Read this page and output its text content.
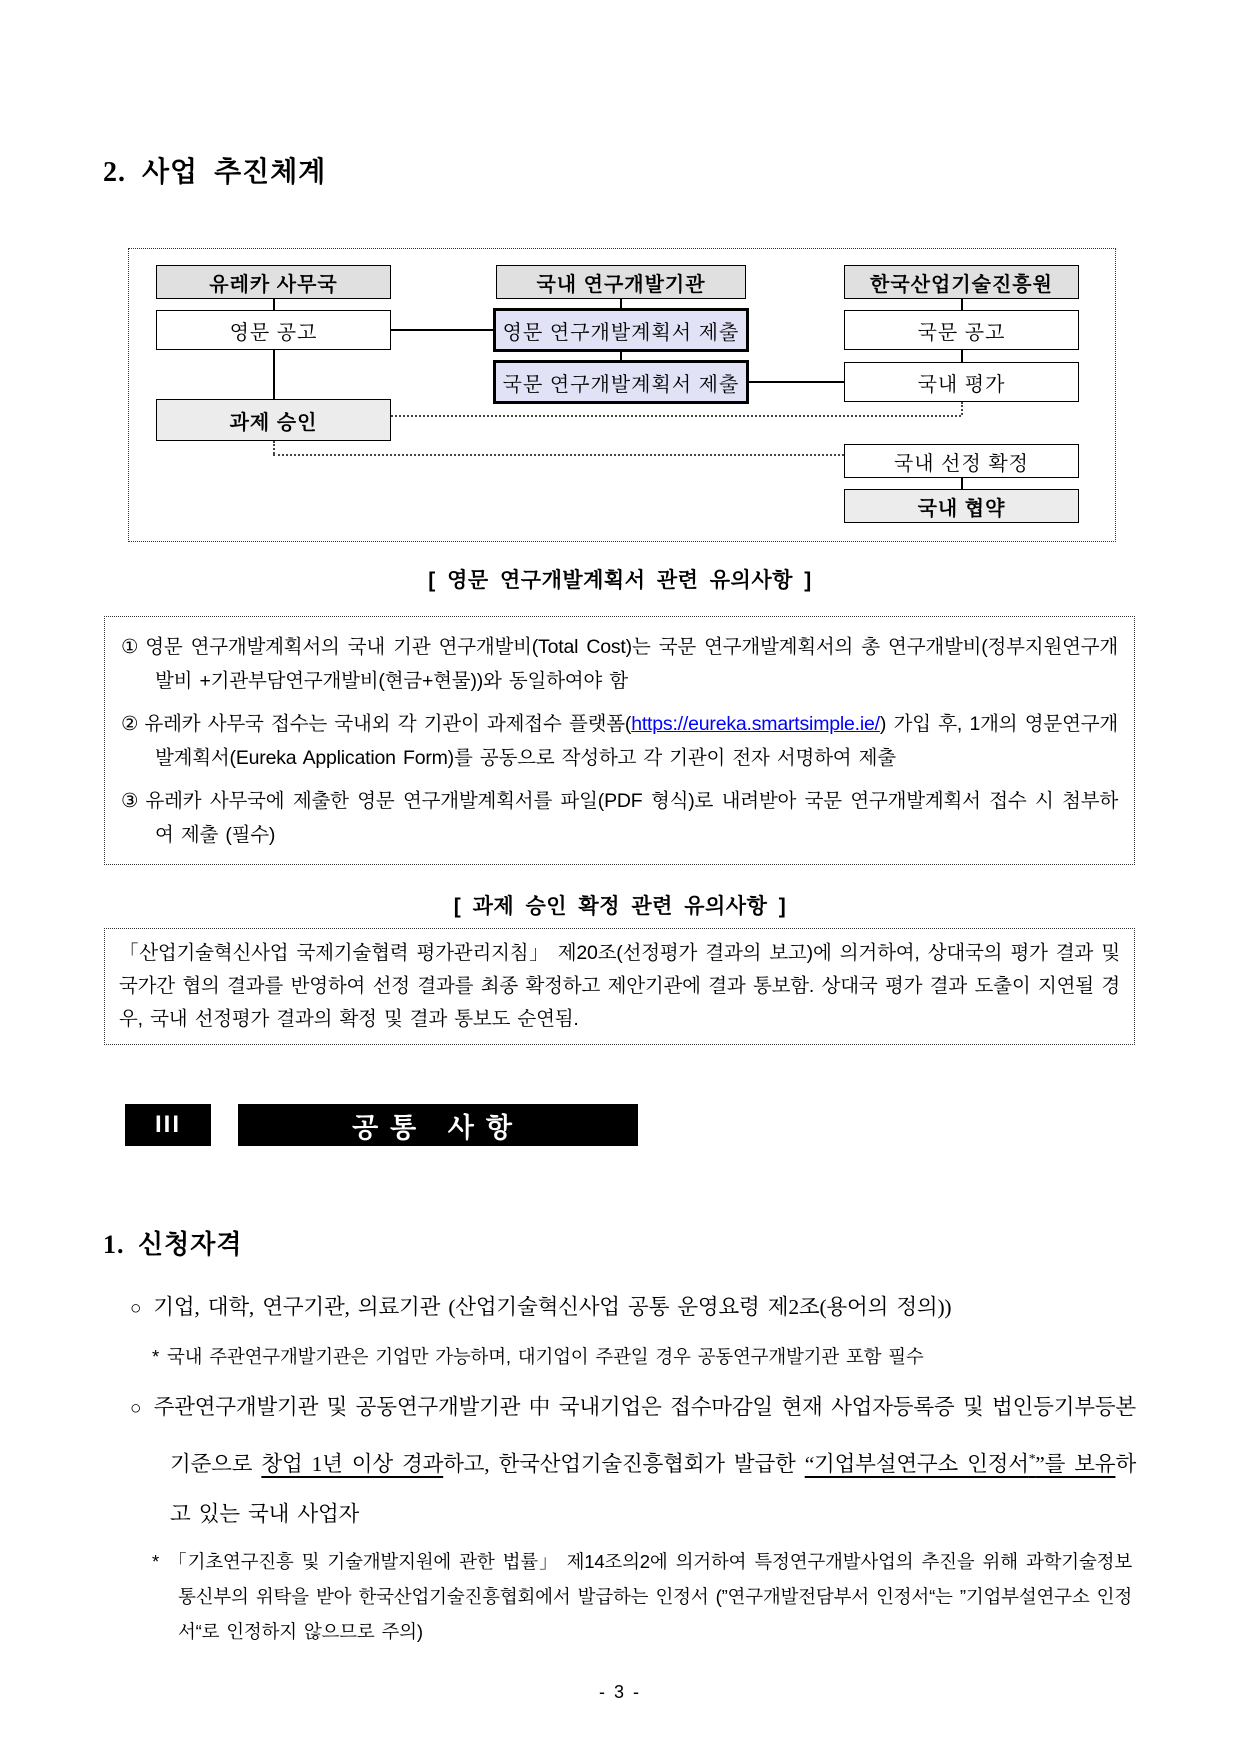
2. 사업 추진체계
유레카 사무국
영문 공고
과제 승인
국내 연구개발기관
영문 연구개발계획서 제출
국문 연구개발계획서 제출
한국산업기술진흥원
국문 공고
국내 평가
국내 선정 확정
국내 협약
[ 영문 연구개발계획서 관련 유의사항 ]

① 영문 연구개발계획서의 국내 기관 연구개발비(Total Cost)는 국문 연구개발계획서의 총 연구개발비(정부지원연구개발비 +기관부담연구개발비(현금+현물))와 동일하여야 함

② 유레카 사무국 접수는 국내외 각 기관이 과제접수 플랫폼(https://eureka.smartsimple.ie/) 가입 후, 1개의 영문연구개발계획서(Eureka Application Form)를 공동으로 작성하고 각 기관이 전자 서명하여 제출

③ 유레카 사무국에 제출한 영문 연구개발계획서를 파일(PDF 형식)로 내려받아 국문 연구개발계획서 접수 시 첨부하여 제출 (필수)

[ 과제 승인 확정 관련 유의사항 ]
「산업기술혁신사업 국제기술협력 평가관리지침」 제20조(선정평가 결과의 보고)에 의거하여, 상대국의 평가 결과 및 국가간 협의 결과를 반영하여 선정 결과를 최종 확정하고 제안기관에 결과 통보함. 상대국 평가 결과 도출이 지연될 경우, 국내 선정평가 결과의 확정 및 결과 통보도 순연됨.
III	공통 사항
1. 신청자격
○ 기업, 대학, 연구기관, 의료기관 (산업기술혁신사업 공통 운영요령 제2조(용어의 정의))
* 국내 주관연구개발기관은 기업만 가능하며, 대기업이 주관일 경우 공동연구개발기관 포함 필수
○ 주관연구개발기관 및 공동연구개발기관 中 국내기업은 접수마감일 현재 사업자등록증 및 법인등기부등본 기준으로 창업 1년 이상 경과하고, 한국산업기술진흥협회가 발급한 “기업부설연구소 인정서*”를 보유하고 있는 국내 사업자
* 「기초연구진흥 및 기술개발지원에 관한 법률」 제14조의2에 의거하여 특정연구개발사업의 추진을 위해 과학기술정보통신부의 위탁을 받아 한국산업기술진흥협회에서 발급하는 인정서 (”연구개발전담부서 인정서“는 ”기업부설연구소 인정서“로 인정하지 않으므로 주의)
- 3 -
